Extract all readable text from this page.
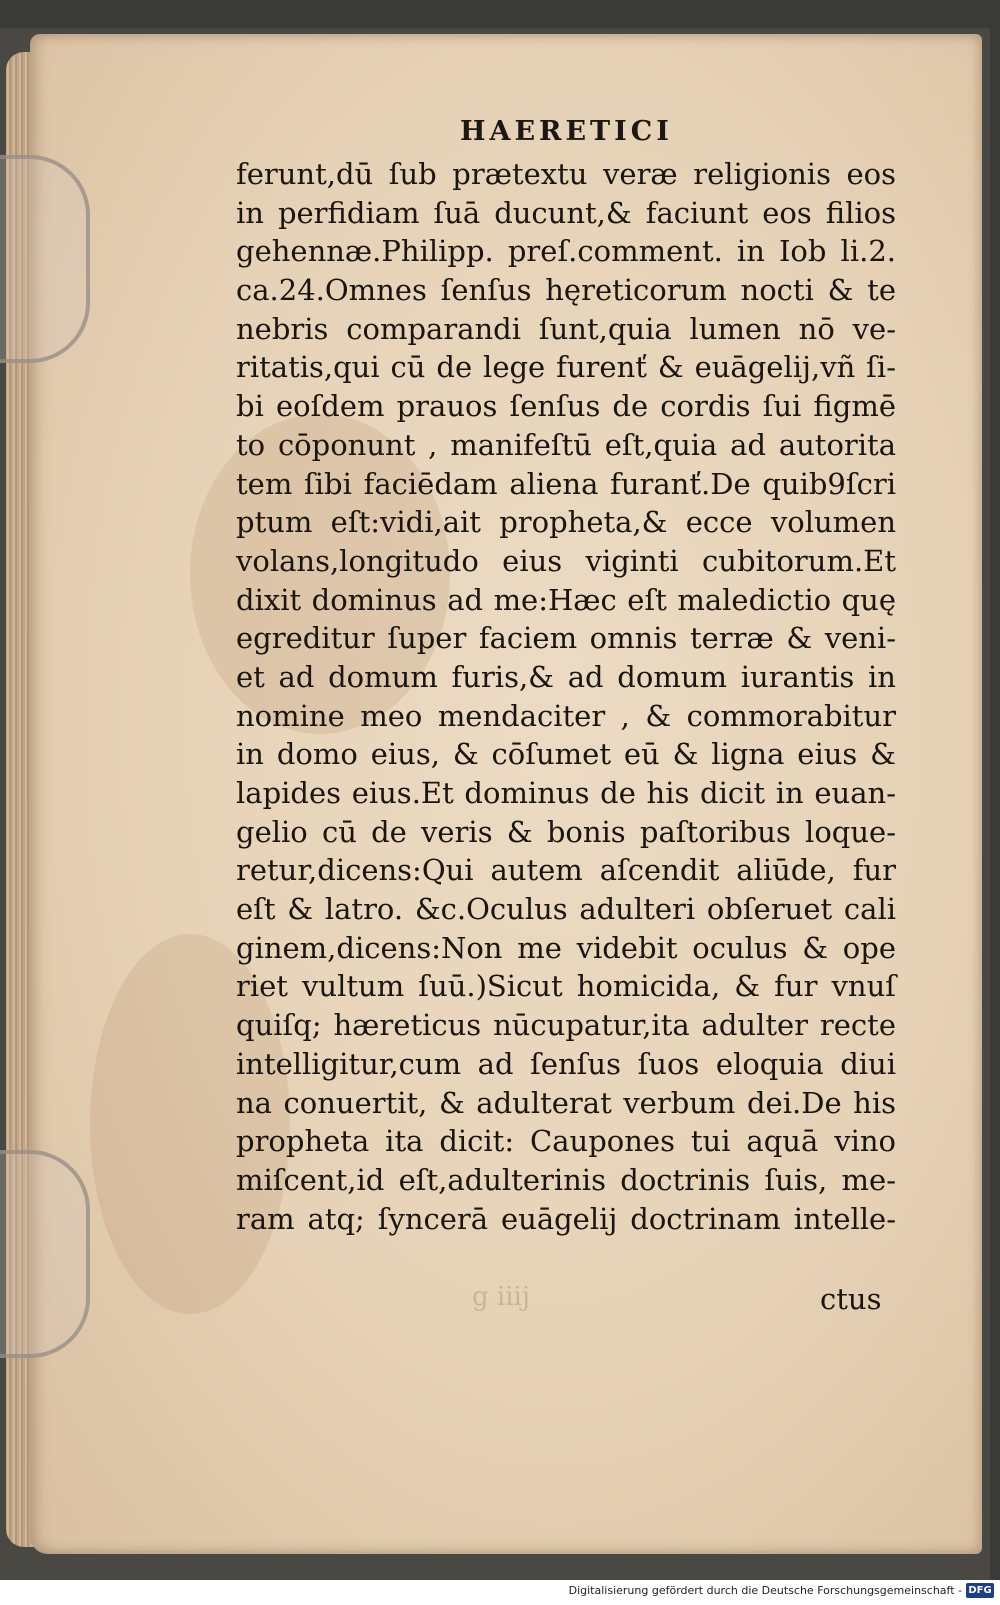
HAERETICI
ferunt,dū ſub prætextu veræ religionis eos
in perfidiam ſuā ducunt,& faciunt eos filios
gehennæ.Philipp. preſ.comment. in Iob li.2.
ca.24.Omnes ſenſus hęreticorum nocti & te
nebris comparandi ſunt,quia lumen nō ve-
ritatis,qui cū de lege furenť & euāgelij,vñ ſi-
bi eoſdem prauos ſenſus de cordis ſui figmē
to cōponunt , manifeſtū eſt,quia ad autorita
tem ſibi faciēdam aliena furanť.De quib9ſcri
ptum eſt:vidi,ait propheta,& ecce volumen
volans,longitudo eius viginti cubitorum.Et
dixit dominus ad me:Hæc eſt maledictio quę
egreditur ſuper faciem omnis terræ & veni-
et ad domum furis,& ad domum iurantis in
nomine meo mendaciter , & commorabitur
in domo eius, & cōſumet eū & ligna eius &
lapides eius.Et dominus de his dicit in euan-
gelio cū de veris & bonis paſtoribus loque-
retur,dicens:Qui autem aſcendit aliūde, fur
eſt & latro. &c.Oculus adulteri obſeruet cali
ginem,dicens:Non me videbit oculus & ope
riet vultum ſuū.)Sicut homicida, & fur vnuſ
quiſq; hæreticus nūcupatur,ita adulter recte
intelligitur,cum ad ſenſus ſuos eloquia diui
na conuertit, & adulterat verbum dei.De his
propheta ita dicit: Caupones tui aquā vino
miſcent,id eſt,adulterinis doctrinis ſuis, me-
ram atq; ſyncerā euāgelij doctrinam intelle-
g iiij	ctus
Digitalisierung gefördert durch die Deutsche Forschungsgemeinschaft - DFG
